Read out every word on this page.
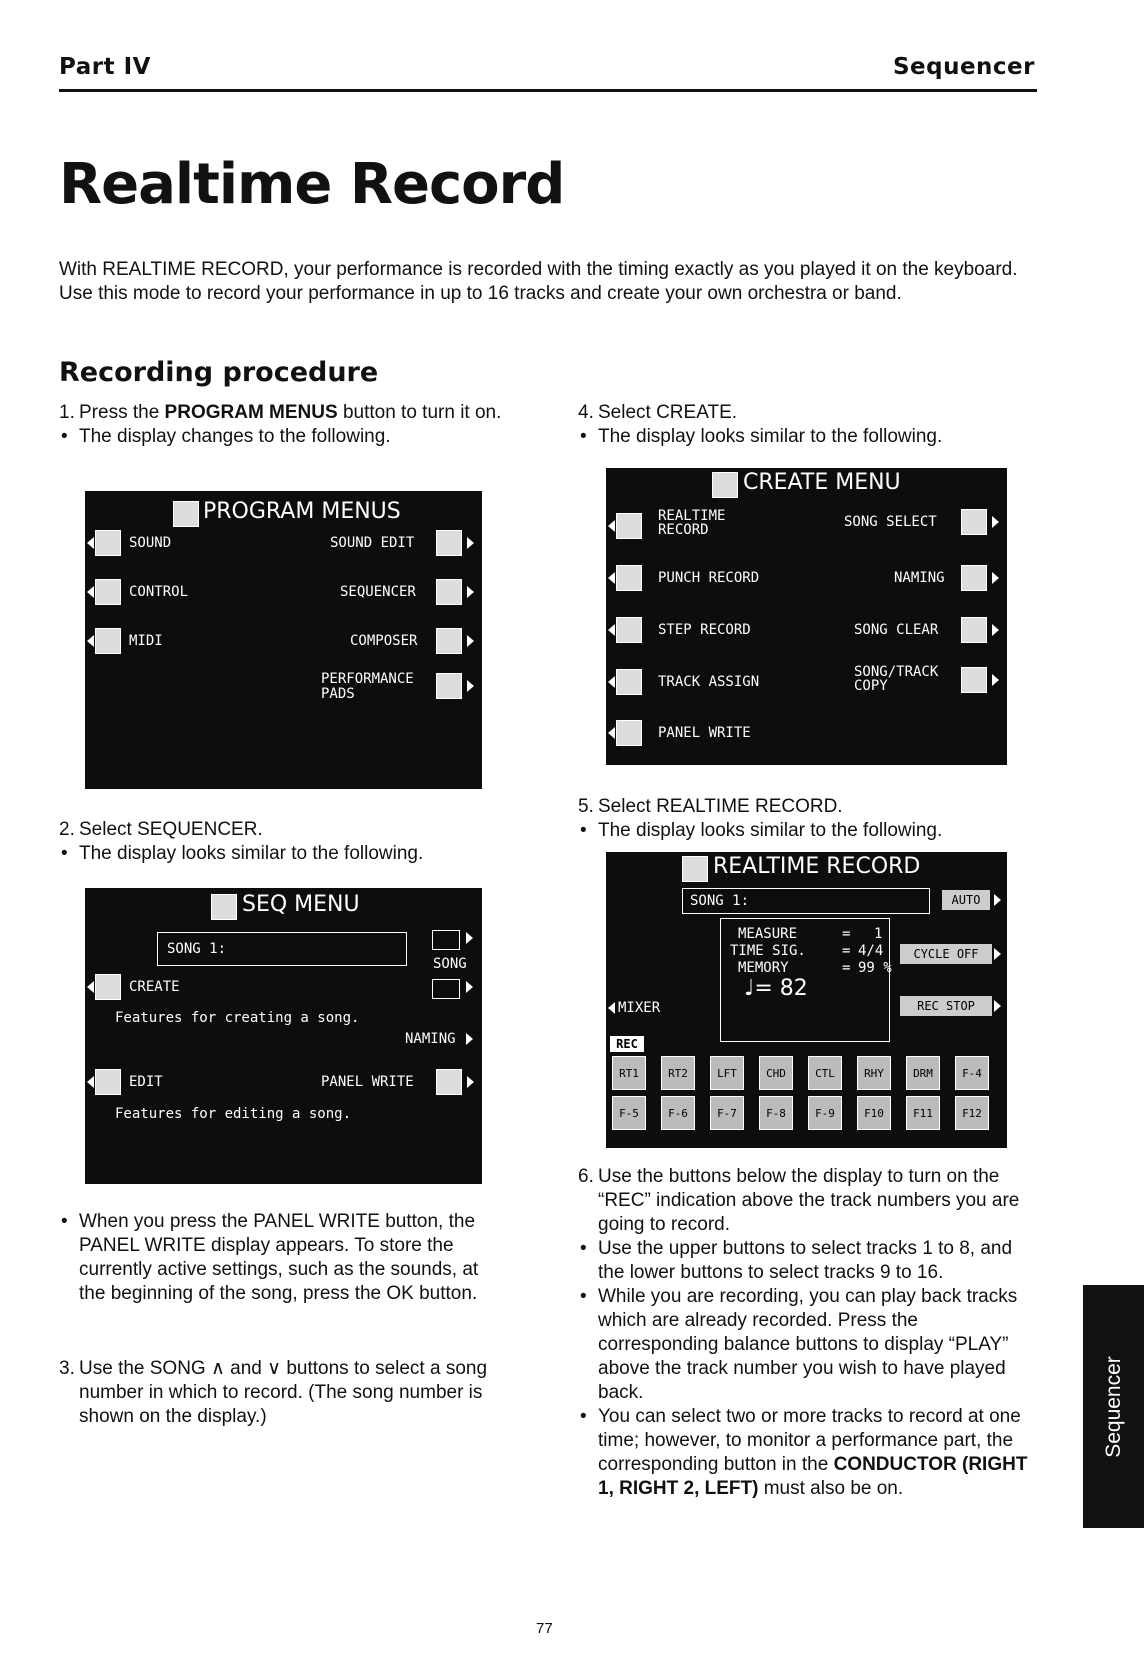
Part IV	Sequencer
Realtime Record
With REALTIME RECORD, your performance is recorded with the timing exactly as you played it on the keyboard. Use this mode to record your performance in up to 16 tracks and create your own orchestra or band.
Recording procedure
1. Press the PROGRAM MENUS button to turn it on.
• The display changes to the following.
PROGRAM MENUS
SOUND
CONTROL
MIDI
SOUND EDIT
SEQUENCER
COMPOSER
PERFORMANCE
PADS
2. Select SEQUENCER.
• The display looks similar to the following.
SEQ MENU
SONG 1:
SONG
CREATE
Features for creating a song.
NAMING
EDIT	PANEL WRITE
Features for editing a song.
• When you press the PANEL WRITE button, the PANEL WRITE display appears. To store the currently active settings, such as the sounds, at the beginning of the song, press the OK button.
3. Use the SONG ∧ and ∨ buttons to select a song number in which to record. (The song number is shown on the display.)
4. Select CREATE.
• The display looks similar to the following.
CREATE MENU
REALTIME
RECORD
PUNCH RECORD
STEP RECORD
TRACK ASSIGN
PANEL WRITE
SONG SELECT
NAMING
SONG CLEAR
SONG/TRACK
COPY
5. Select REALTIME RECORD.
• The display looks similar to the following.
REALTIME RECORD
SONG 1:	AUTO
MEASURE	= 1
TIME SIG.	= 4/4
MEMORY	= 99 %
♩= 82
CYCLE OFF
MIXER	REC STOP
REC
RT1	RT2	LFT	CHD	CTL	RHY	DRM	F-4
F-5	F-6	F-7	F-8	F-9	F10	F11	F12
6. Use the buttons below the display to turn on the “REC” indication above the track numbers you are going to record.
• Use the upper buttons to select tracks 1 to 8, and the lower buttons to select tracks 9 to 16.
• While you are recording, you can play back tracks which are already recorded. Press the corresponding balance buttons to display “PLAY” above the track number you wish to have played back.
• You can select two or more tracks to record at one time; however, to monitor a performance part, the corresponding button in the CONDUCTOR (RIGHT 1, RIGHT 2, LEFT) must also be on.
Sequencer
77
